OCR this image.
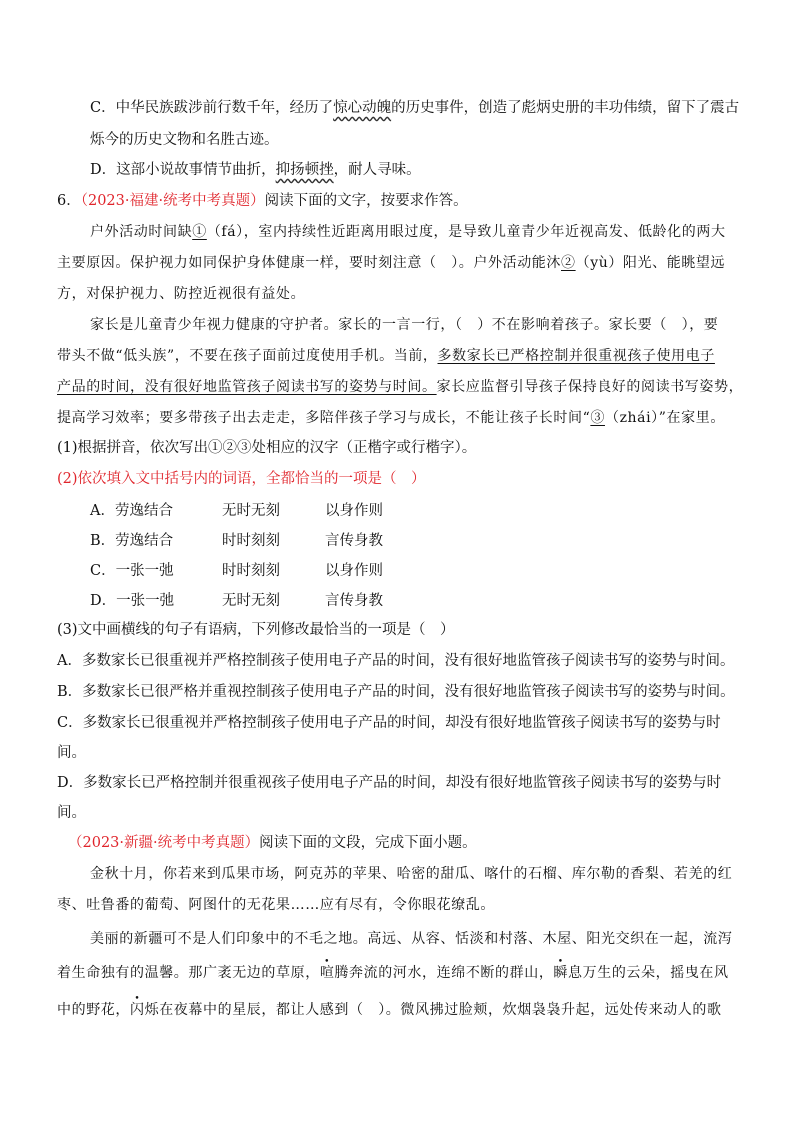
C．中华民族跋涉前行数千年，经历了惊心动魄的历史事件，创造了彪炳史册的丰功伟绩，留下了震古
烁今的历史文物和名胜古迹。
D．这部小说故事情节曲折，抑扬顿挫，耐人寻味。
6．（2023·福建·统考中考真题）阅读下面的文字，按要求作答。
户外活动时间缺①（fá），室内持续性近距离用眼过度，是导致儿童青少年近视高发、低龄化的两大
主要原因。保护视力如同保护身体健康一样，要时刻注意（　）。户外活动能沐②（yù）阳光、能眺望远
方，对保护视力、防控近视很有益处。
家长是儿童青少年视力健康的守护者。家长的一言一行，（　）不在影响着孩子。家长要（　），要
带头不做“低头族”，不要在孩子面前过度使用手机。当前，多数家长已严格控制并很重视孩子使用电子
产品的时间，没有很好地监管孩子阅读书写的姿势与时间。家长应监督引导孩子保持良好的阅读书写姿势，
提高学习效率；要多带孩子出去走走，多陪伴孩子学习与成长，不能让孩子长时间“③（zhái）”在家里。
(1)根据拼音，依次写出①②③处相应的汉字（正楷字或行楷字）。
(2)依次填入文中括号内的词语，全都恰当的一项是（　）
A．劳逸结合	无时无刻	以身作则
B．劳逸结合	时时刻刻	言传身教
C．一张一弛	时时刻刻	以身作则
D．一张一弛	无时无刻	言传身教
(3)文中画横线的句子有语病，下列修改最恰当的一项是（　）
A．多数家长已很重视并严格控制孩子使用电子产品的时间，没有很好地监管孩子阅读书写的姿势与时间。
B．多数家长已很严格并重视控制孩子使用电子产品的时间，没有很好地监管孩子阅读书写的姿势与时间。
C．多数家长已很重视并严格控制孩子使用电子产品的时间，却没有很好地监管孩子阅读书写的姿势与时
间。
D．多数家长已严格控制并很重视孩子使用电子产品的时间，却没有很好地监管孩子阅读书写的姿势与时
间。
（2023·新疆·统考中考真题）阅读下面的文段，完成下面小题。
金秋十月，你若来到瓜果市场，阿克苏的苹果、哈密的甜瓜、喀什的石榴、库尔勒的香梨、若羌的红
枣、吐鲁番的葡萄、阿图什的无花果……应有尽有，令你眼花缭乱。
美丽的新疆可不是人们印象中的不毛之地。高远、从容、恬淡和村落、木屋、阳光交织在一起，流泻
着生命独有的温馨。那广袤无边的草原，喧腾奔流的河水，连绵不断的群山，瞬息万生的云朵，摇曳在风
中的野花，闪烁在夜幕中的星辰，都让人感到（　）。微风拂过脸颊，炊烟袅袅升起，远处传来动人的歌
